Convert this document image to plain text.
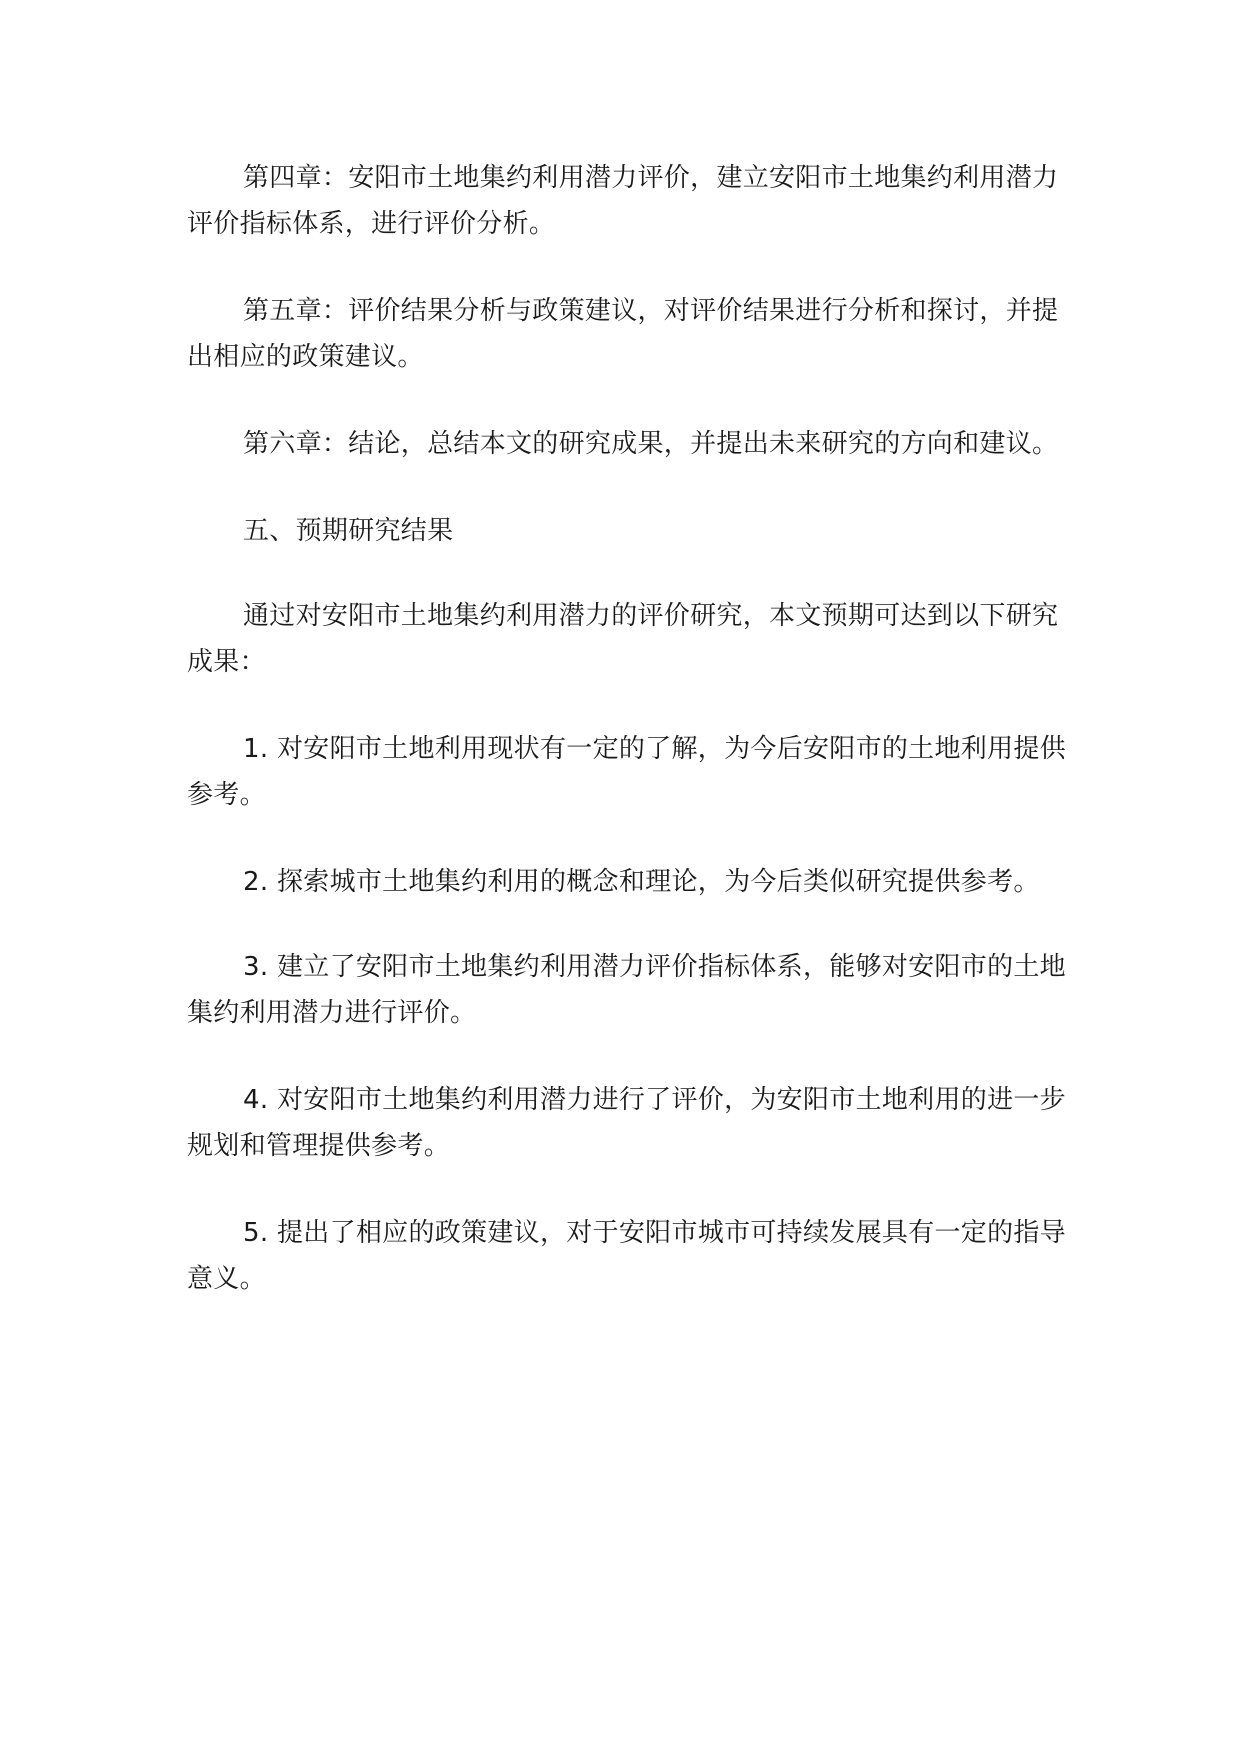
第四章：安阳市土地集约利用潜力评价，建立安阳市土地集约利用潜力评价指标体系，进行评价分析。

第五章：评价结果分析与政策建议，对评价结果进行分析和探讨，并提出相应的政策建议。

第六章：结论，总结本文的研究成果，并提出未来研究的方向和建议。

五、预期研究结果

通过对安阳市土地集约利用潜力的评价研究，本文预期可达到以下研究成果：

1. 对安阳市土地利用现状有一定的了解，为今后安阳市的土地利用提供参考。

2. 探索城市土地集约利用的概念和理论，为今后类似研究提供参考。

3. 建立了安阳市土地集约利用潜力评价指标体系，能够对安阳市的土地集约利用潜力进行评价。

4. 对安阳市土地集约利用潜力进行了评价，为安阳市土地利用的进一步规划和管理提供参考。

5. 提出了相应的政策建议，对于安阳市城市可持续发展具有一定的指导意义。
